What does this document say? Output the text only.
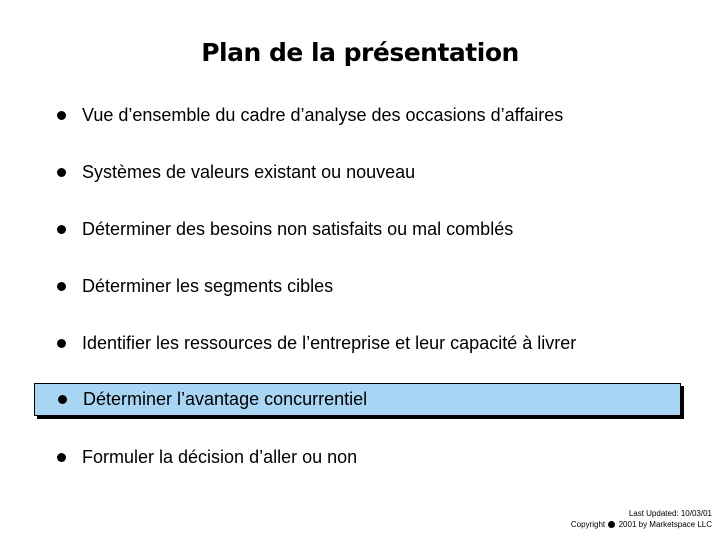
Plan de la présentation
Vue d’ensemble du cadre d’analyse des occasions d’affaires
Systèmes de valeurs existant ou nouveau
Déterminer des besoins non satisfaits ou mal comblés
Déterminer les segments cibles
Identifier les ressources de l’entreprise et leur capacité à livrer
Déterminer l’avantage concurrentiel
Formuler la décision d’aller ou non
Last Updated: 10/03/01
Copyright 2001 by Marketspace LLC
